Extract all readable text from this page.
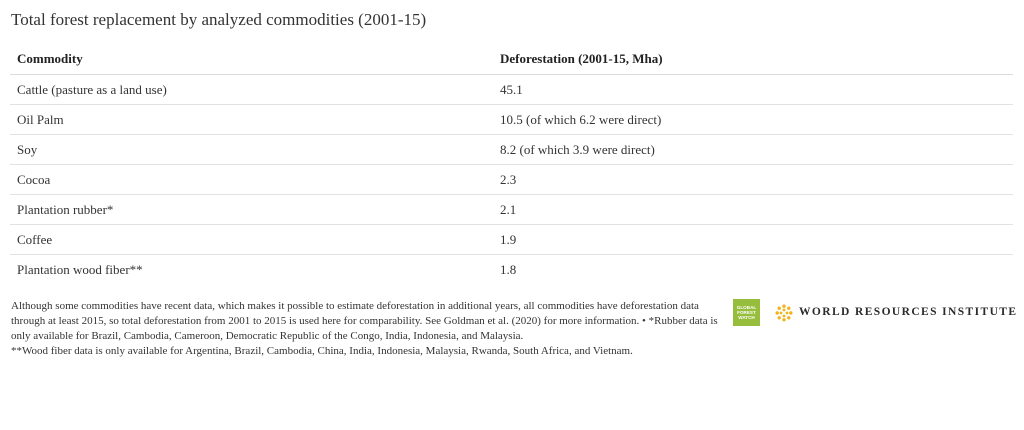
Total forest replacement by analyzed commodities (2001-15)
Commodity	Deforestation (2001-15, Mha)
Cattle (pasture as a land use)	45.1
Oil Palm	10.5 (of which 6.2 were direct)
Soy	8.2 (of which 3.9 were direct)
Cocoa	2.3
Plantation rubber*	2.1
Coffee	1.9
Plantation wood fiber**	1.8

Although some commodities have recent data, which makes it possible to estimate deforestation in additional years, all commodities have deforestation data through at least 2015, so total deforestation from 2001 to 2015 is used here for comparability. See Goldman et al. (2020) for more information. • *Rubber data is only available for Brazil, Cambodia, Cameroon, Democratic Republic of the Congo, India, Indonesia, and Malaysia.

**Wood fiber data is only available for Argentina, Brazil, Cambodia, China, India, Indonesia, Malaysia, Rwanda, South Africa, and Vietnam.

GLOBAL
FOREST
WATCH	WORLD RESOURCES INSTITUTE
